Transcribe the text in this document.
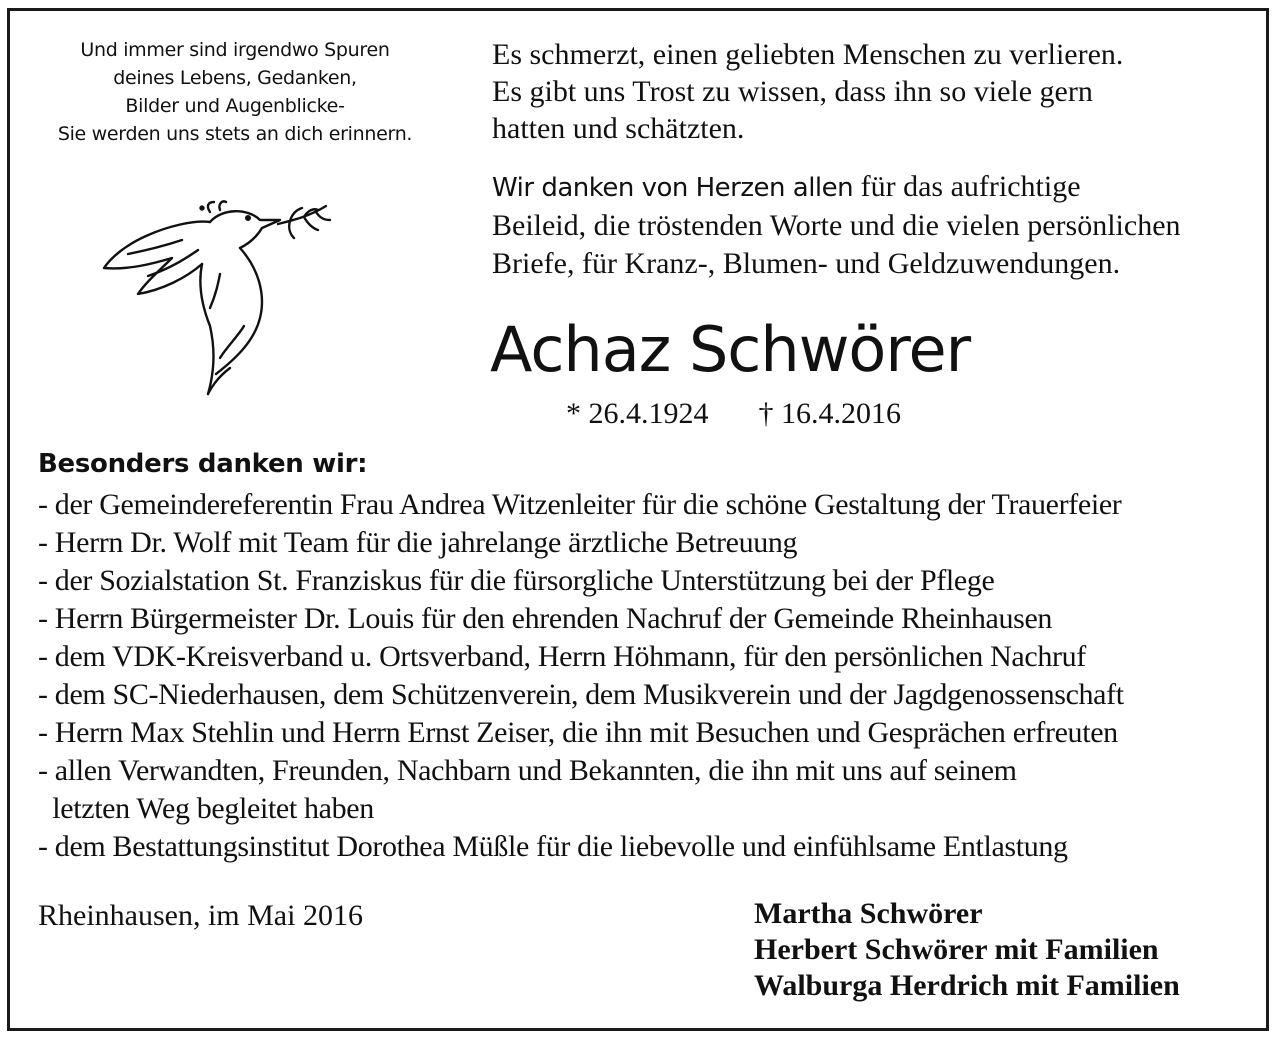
Und immer sind irgendwo Spuren
deines Lebens, Gedanken,
Bilder und Augenblicke-
Sie werden uns stets an dich erinnern.
Es schmerzt, einen geliebten Menschen zu verlieren.
Es gibt uns Trost zu wissen, dass ihn so viele gern
hatten und schätzten.
Wir danken von Herzen allen für das aufrichtige
Beileid, die tröstenden Worte und die vielen persönlichen
Briefe, für Kranz-, Blumen- und Geldzuwendungen.
Achaz Schwörer
* 26.4.1924 † 16.4.2016
Besonders danken wir:
- der Gemeindereferentin Frau Andrea Witzenleiter für die schöne Gestaltung der Trauerfeier
- Herrn Dr. Wolf mit Team für die jahrelange ärztliche Betreuung
- der Sozialstation St. Franziskus für die fürsorgliche Unterstützung bei der Pflege
- Herrn Bürgermeister Dr. Louis für den ehrenden Nachruf der Gemeinde Rheinhausen
- dem VDK-Kreisverband u. Ortsverband, Herrn Höhmann, für den persönlichen Nachruf
- dem SC-Niederhausen, dem Schützenverein, dem Musikverein und der Jagdgenossenschaft
- Herrn Max Stehlin und Herrn Ernst Zeiser, die ihn mit Besuchen und Gesprächen erfreuten
- allen Verwandten, Freunden, Nachbarn und Bekannten, die ihn mit uns auf seinem
letzten Weg begleitet haben
- dem Bestattungsinstitut Dorothea Müßle für die liebevolle und einfühlsame Entlastung
Rheinhausen, im Mai 2016	Martha Schwörer
Herbert Schwörer mit Familien
Walburga Herdrich mit Familien
